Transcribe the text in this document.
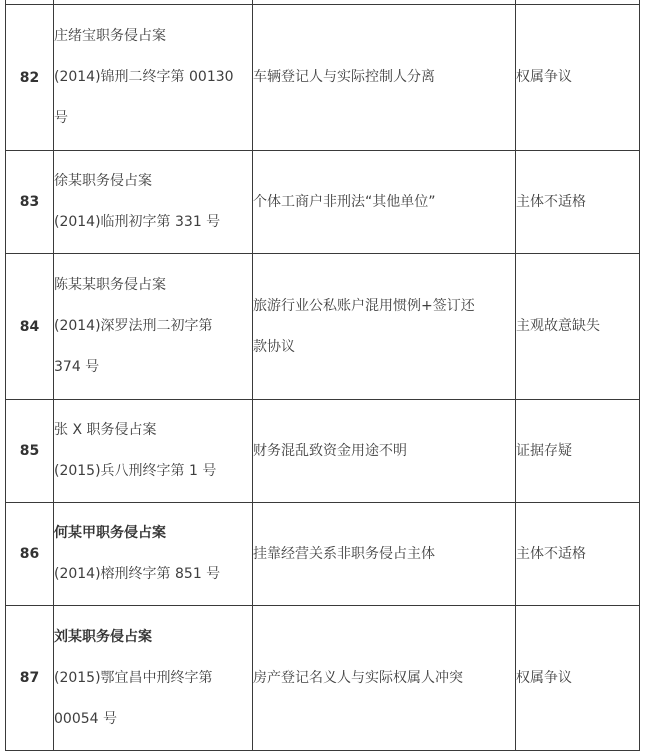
82	庄绪宝职务侵占案
(2014)锦刑二终字第 00130
号	车辆登记人与实际控制人分离	权属争议
83	徐某职务侵占案
(2014)临刑初字第 331 号	个体工商户非刑法“其他单位”	主体不适格
84	陈某某职务侵占案
(2014)深罗法刑二初字第
374 号	旅游行业公私账户混用惯例+签订还
款协议	主观故意缺失
85	张 X 职务侵占案
(2015)兵八刑终字第 1 号	财务混乱致资金用途不明	证据存疑
86	何某甲职务侵占案
(2014)榕刑终字第 851 号	挂靠经营关系非职务侵占主体	主体不适格
87	刘某职务侵占案
(2015)鄂宜昌中刑终字第
00054 号	房产登记名义人与实际权属人冲突	权属争议
